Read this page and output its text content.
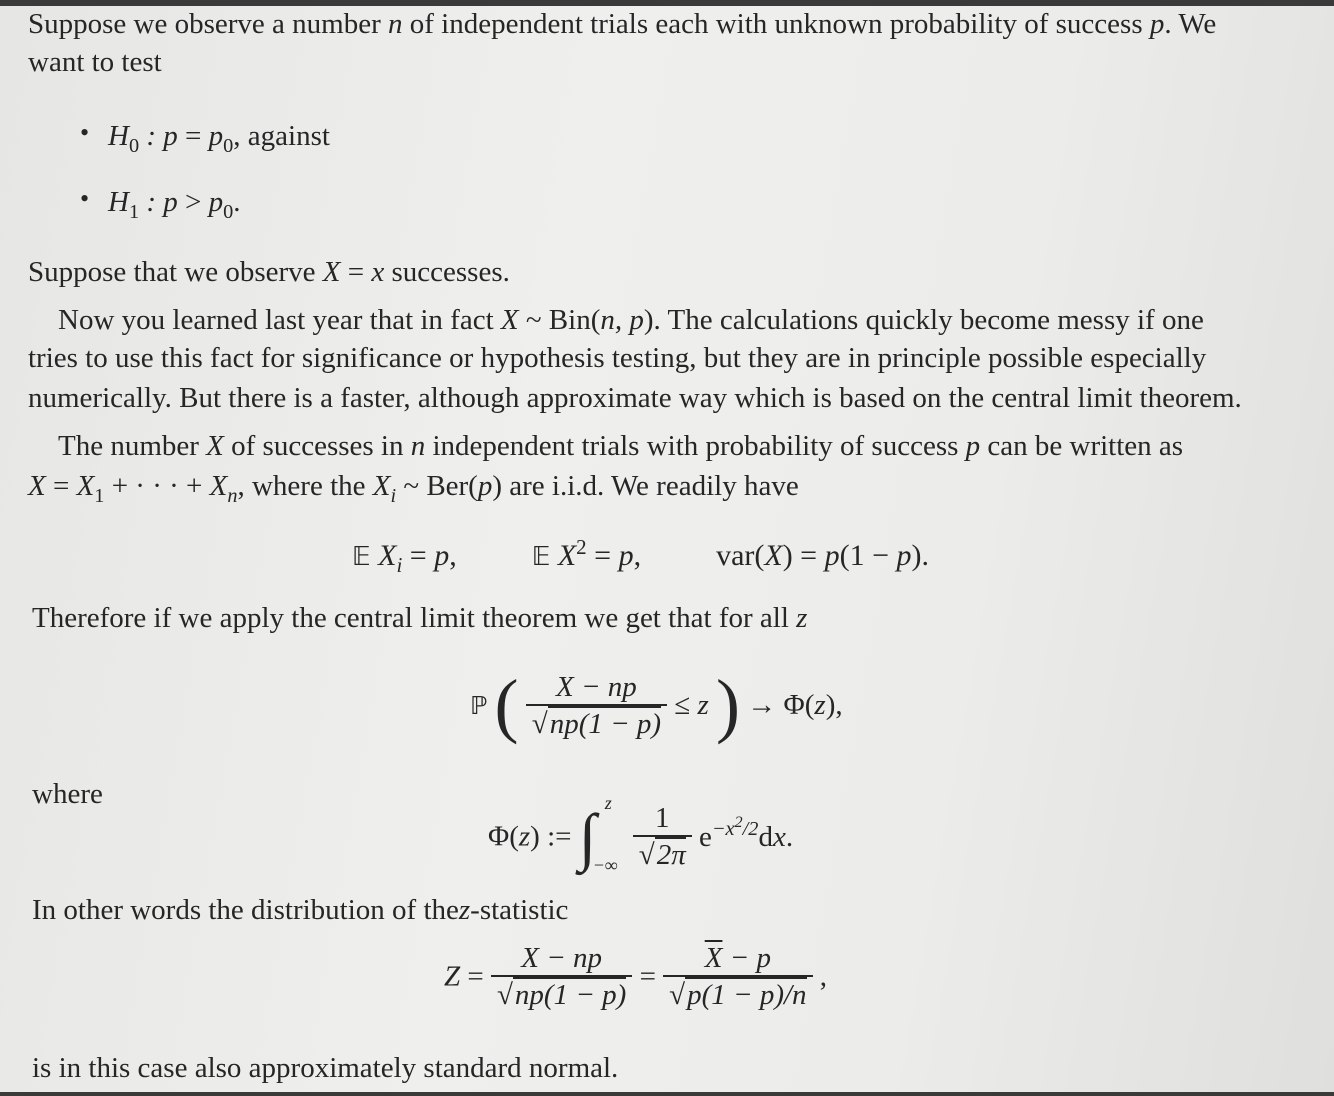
Suppose we observe a number n of independent trials each with unknown probability of success p. We
want to test
• $H_0$ : $p = p_0$, against
• $H_1$ : $p > p_0$.
Suppose that we observe X = x successes.
Now you learned last year that in fact X ~ Bin(n, p). The calculations quickly become messy if one
tries to use this fact for significance or hypothesis testing, but they are in principle possible especially
numerically. But there is a faster, although approximate way which is based on the central limit theorem.
The number X of successes in n independent trials with probability of success p can be written as
$X = X_1$ + · · · + $X_n$, where the $X_i$ ~ Ber(p) are i.i.d. We readily have
𝔼 $X_i = p$,	𝔼 $X^2 = p$,  var(X) = p(1 − p).
Therefore if we apply the central limit theorem we get that for all z
ℙ ( $\frac{X - np}{√np(1 - p)} \le z$ ) → Φ(z),
where
Φ(z) := ∫ z
−∞
$\frac{1}{√2\pi} e^{-x^2/2}dx$.
In other words the distribution of thez-statistic
$Z = \frac{X - np}{√np(1 - p)} = \frac{\overline{X} - p}{√p(1 - p)/n}$ ,
is in this case also approximately standard normal.
